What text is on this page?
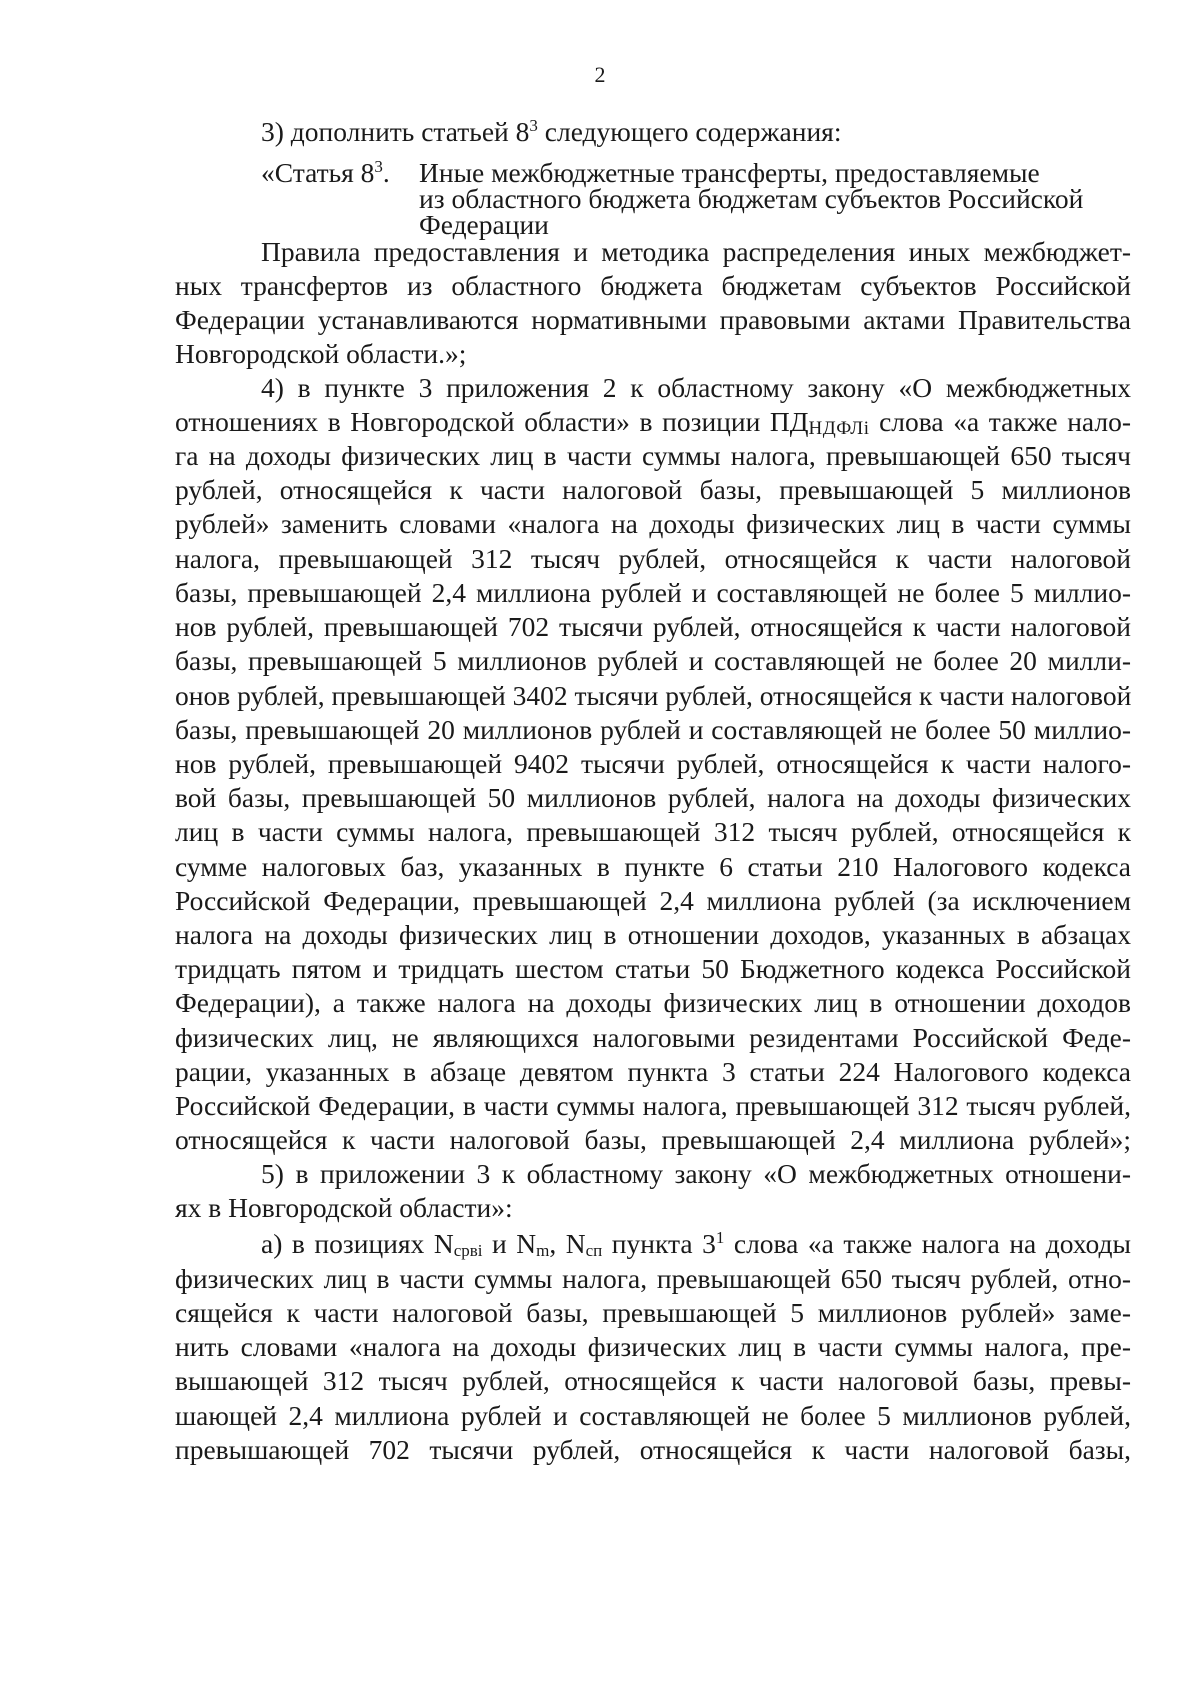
2
3) дополнить статьей $8^3$ следующего содержания:
«Статья $8^3$. Иные межбюджетные трансферты, предоставляемые
из областного бюджета бюджетам субъектов Российской
Федерации
Правила предоставления и методика распределения иных межбюджет-
ных трансфертов из областного бюджета бюджетам субъектов Российской
Федерации устанавливаются нормативными правовыми актами Правительства
Новгородской области.»;
4) в пункте 3 приложения 2 к областному закону «О межбюджетных
отношениях в Новгородской области» в позиции $ПД_{НДФЛi}$ слова «а также нало-
га на доходы физических лиц в части суммы налога, превышающей 650 тысяч
рублей, относящейся к части налоговой базы, превышающей 5 миллионов
рублей» заменить словами «налога на доходы физических лиц в части суммы
налога, превышающей 312 тысяч рублей, относящейся к части налоговой
базы, превышающей 2,4 миллиона рублей и составляющей не более 5 миллио-
нов рублей, превышающей 702 тысячи рублей, относящейся к части налоговой
базы, превышающей 5 миллионов рублей и составляющей не более 20 милли-
онов рублей, превышающей 3402 тысячи рублей, относящейся к части налоговой
базы, превышающей 20 миллионов рублей и составляющей не более 50 миллио-
нов рублей, превышающей 9402 тысячи рублей, относящейся к части налого-
вой базы, превышающей 50 миллионов рублей, налога на доходы физических
лиц в части суммы налога, превышающей 312 тысяч рублей, относящейся к
сумме налоговых баз, указанных в пункте 6 статьи 210 Налогового кодекса
Российской Федерации, превышающей 2,4 миллиона рублей (за исключением
налога на доходы физических лиц в отношении доходов, указанных в абзацах
тридцать пятом и тридцать шестом статьи 50 Бюджетного кодекса Российской
Федерации), а также налога на доходы физических лиц в отношении доходов
физических лиц, не являющихся налоговыми резидентами Российской Феде-
рации, указанных в абзаце девятом пункта 3 статьи 224 Налогового кодекса
Российской Федерации, в части суммы налога, превышающей 312 тысяч рублей,
относящейся к части налоговой базы, превышающей 2,4 миллиона рублей»;
5) в приложении 3 к областному закону «О межбюджетных отношени-
ях в Новгородской области»:
а) в позициях $N_{срвi}$ и $N_m$, $N_{сп}$ пункта $3^1$ слова «а также налога на доходы
физических лиц в части суммы налога, превышающей 650 тысяч рублей, отно-
сящейся к части налоговой базы, превышающей 5 миллионов рублей» заме-
нить словами «налога на доходы физических лиц в части суммы налога, пре-
вышающей 312 тысяч рублей, относящейся к части налоговой базы, превы-
шающей 2,4 миллиона рублей и составляющей не более 5 миллионов рублей,
превышающей 702 тысячи рублей, относящейся к части налоговой базы,
